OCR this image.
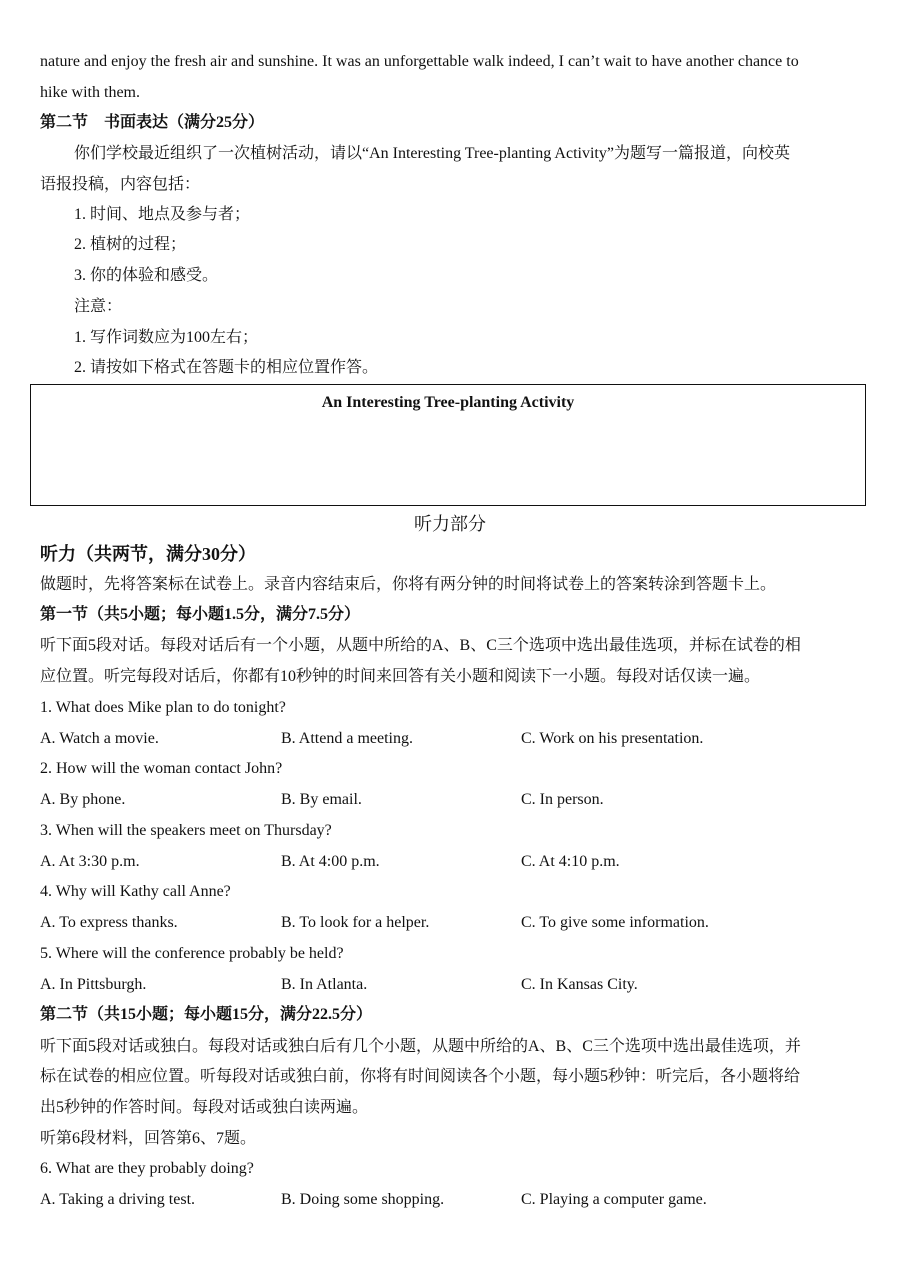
nature and enjoy the fresh air and sunshine. It was an unforgettable walk indeed, I can’t wait to have another chance to
hike with them.
第二节　书面表达（满分25分）
你们学校最近组织了一次植树活动，请以“An Interesting Tree-planting Activity”为题写一篇报道，向校英
语报投稿，内容包括：
1. 时间、地点及参与者；
2. 植树的过程；
3. 你的体验和感受。
注意：
1. 写作词数应为100左右；
2. 请按如下格式在答题卡的相应位置作答。
An Interesting Tree-planting Activity
听力部分
听力（共两节，满分30分）
做题时，先将答案标在试卷上。录音内容结束后，你将有两分钟的时间将试卷上的答案转涂到答题卡上。
第一节（共5小题；每小题1.5分，满分7.5分）
听下面5段对话。每段对话后有一个小题，从题中所给的A、B、C三个选项中选出最佳选项，并标在试卷的相
应位置。听完每段对话后，你都有10秒钟的时间来回答有关小题和阅读下一小题。每段对话仅读一遍。
1. What does Mike plan to do tonight?
A. Watch a movie.	B. Attend a meeting.	C. Work on his presentation.
2. How will the woman contact John?
A. By phone.	B. By email.	C. In person.
3. When will the speakers meet on Thursday?
A. At 3:30 p.m.	B. At 4:00 p.m.	C. At 4:10 p.m.
4. Why will Kathy call Anne?
A. To express thanks.	B. To look for a helper.	C. To give some information.
5. Where will the conference probably be held?
A. In Pittsburgh.	B. In Atlanta.	C. In Kansas City.
第二节（共15小题；每小题15分，满分22.5分）
听下面5段对话或独白。每段对话或独白后有几个小题，从题中所给的A、B、C三个选项中选出最佳选项，并
标在试卷的相应位置。听每段对话或独白前，你将有时间阅读各个小题，每小题5秒钟：听完后，各小题将给
出5秒钟的作答时间。每段对话或独白读两遍。
听第6段材料，回答第6、7题。
6. What are they probably doing?
A. Taking a driving test.	B. Doing some shopping.	C. Playing a computer game.
